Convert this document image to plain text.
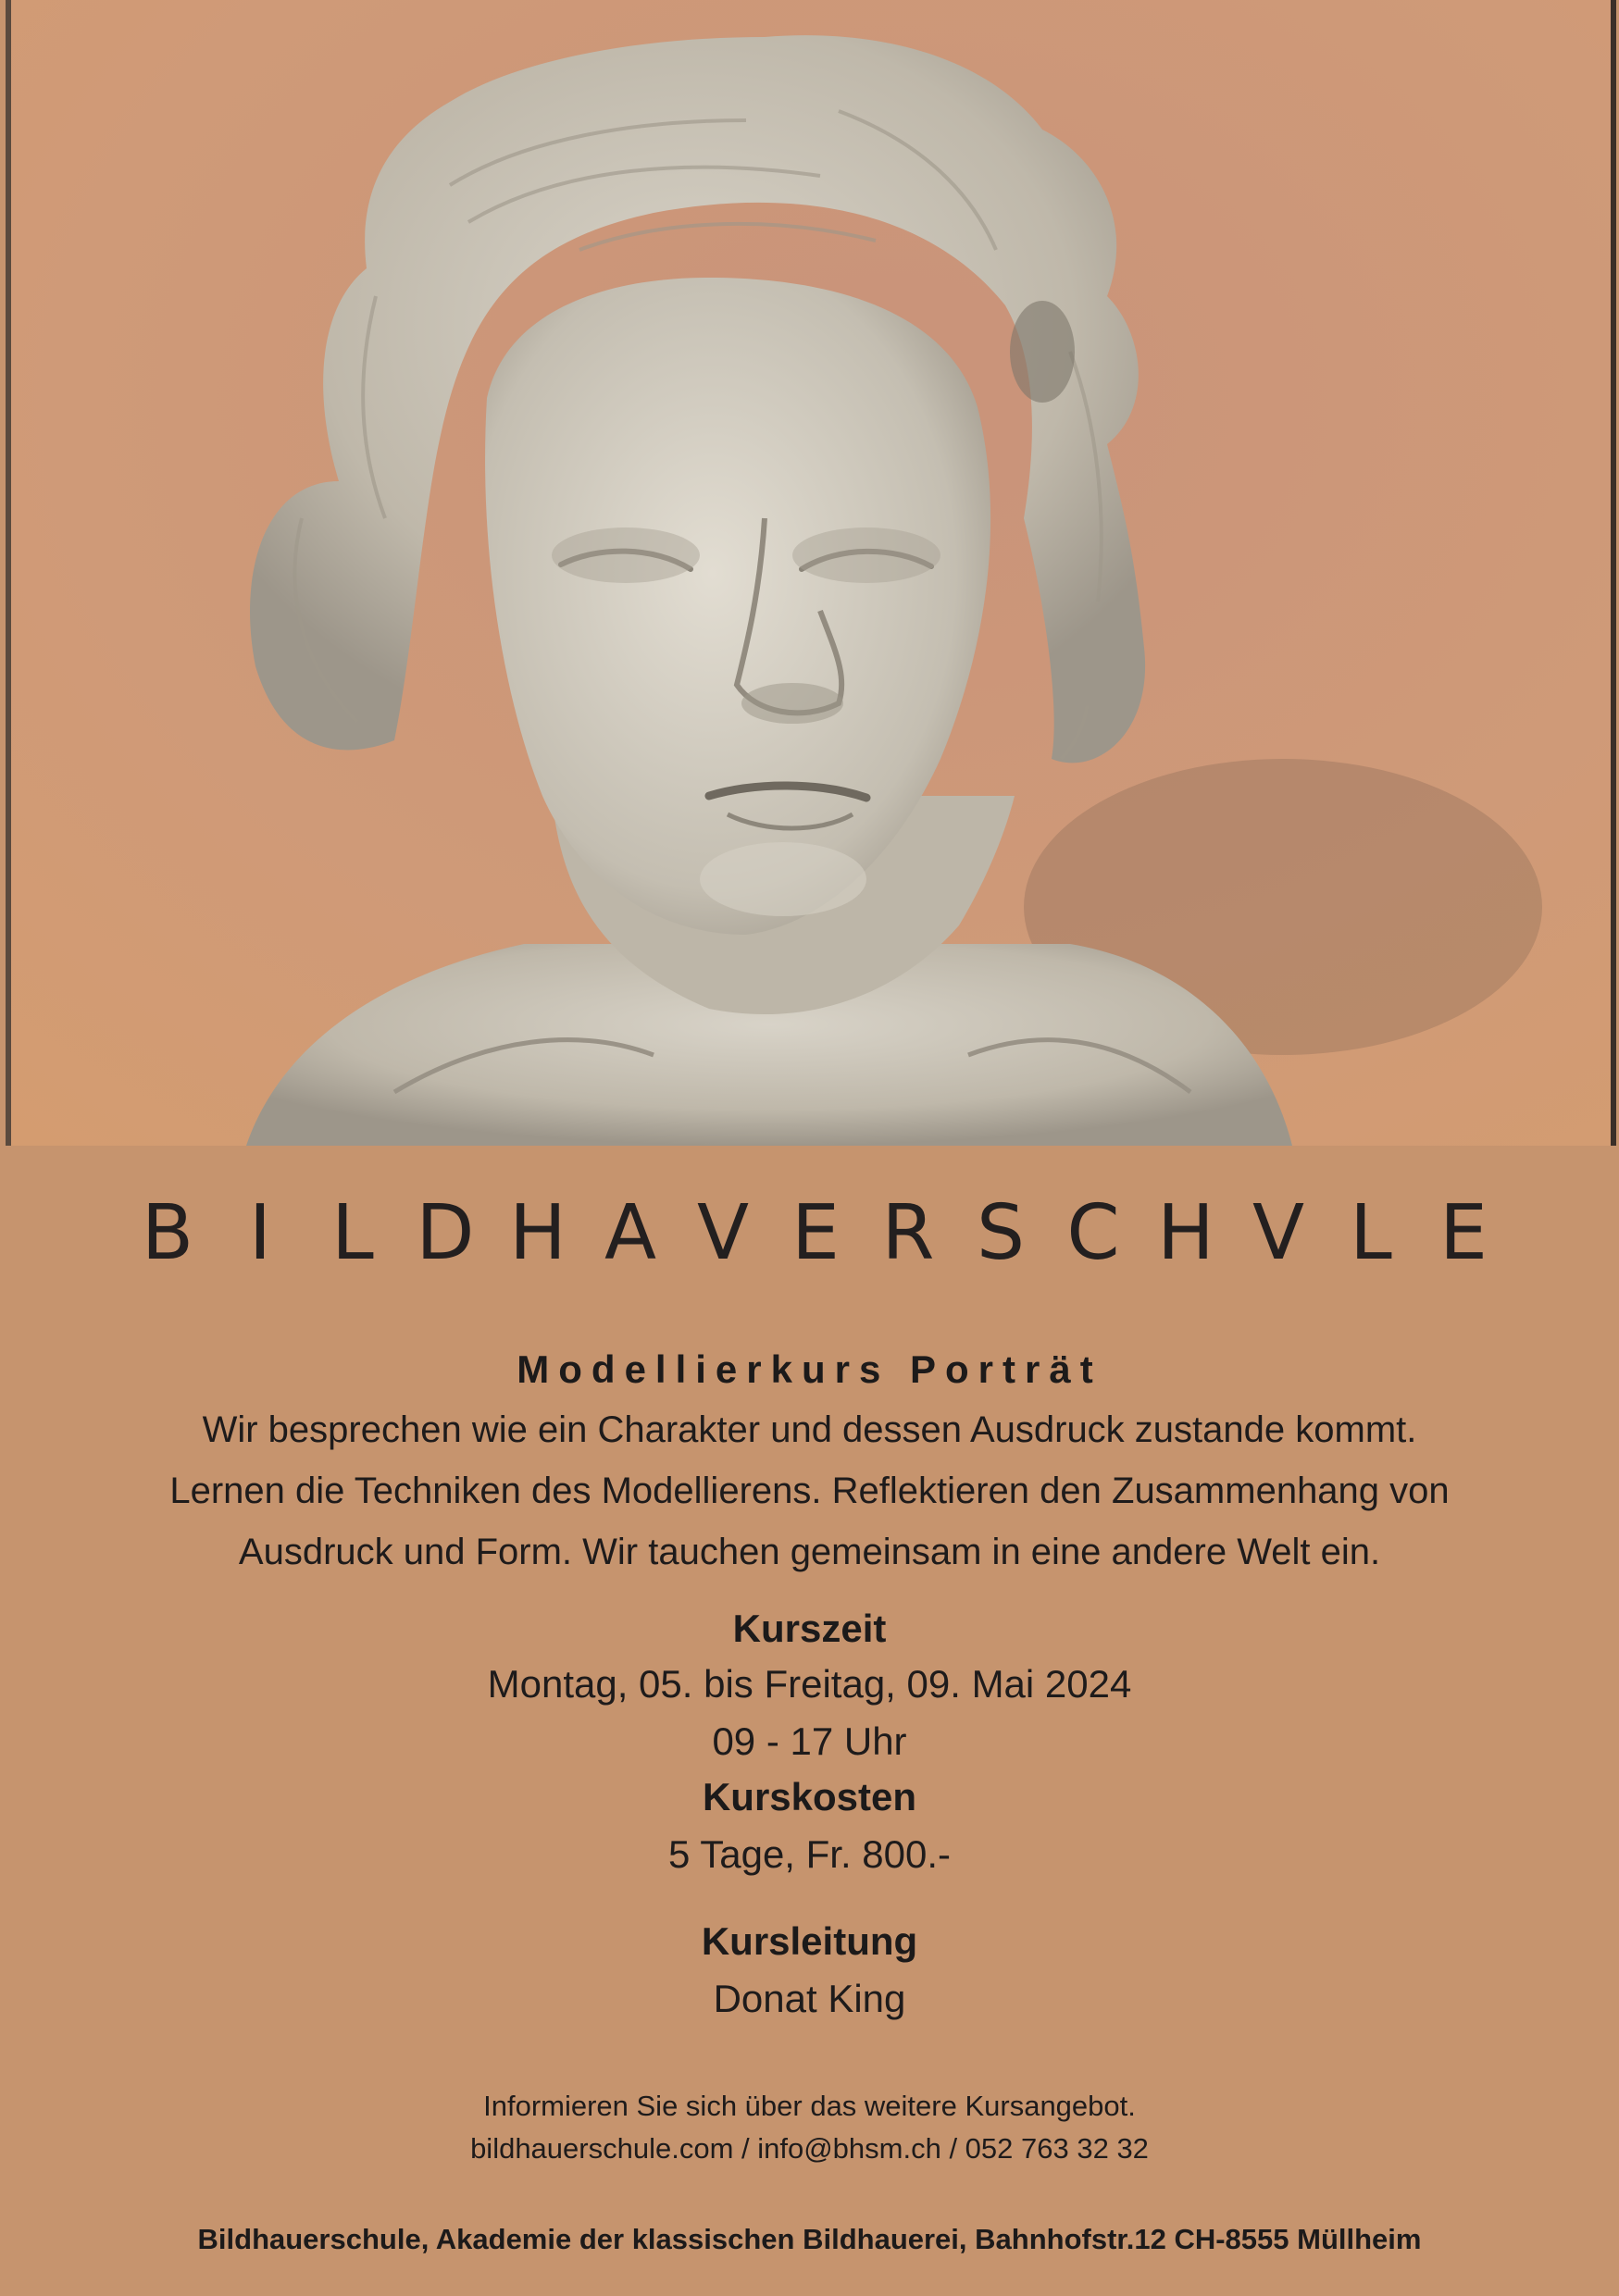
B I L D H A V E R S C H V L E
Modellierkurs Porträt
Wir besprechen wie ein Charakter und dessen Ausdruck zustande kommt.
Lernen die Techniken des Modellierens. Reflektieren den Zusammenhang von
Ausdruck und Form. Wir tauchen gemeinsam in eine andere Welt ein.
Kurszeit
Montag, 05. bis Freitag, 09. Mai 2024
09 - 17 Uhr
Kurskosten
5 Tage, Fr. 800.-
Kursleitung
Donat King
Informieren Sie sich über das weitere Kursangebot.
bildhauerschule.com / info@bhsm.ch / 052 763 32 32
Bildhauerschule, Akademie der klassischen Bildhauerei, Bahnhofstr.12 CH-8555 Müllheim
